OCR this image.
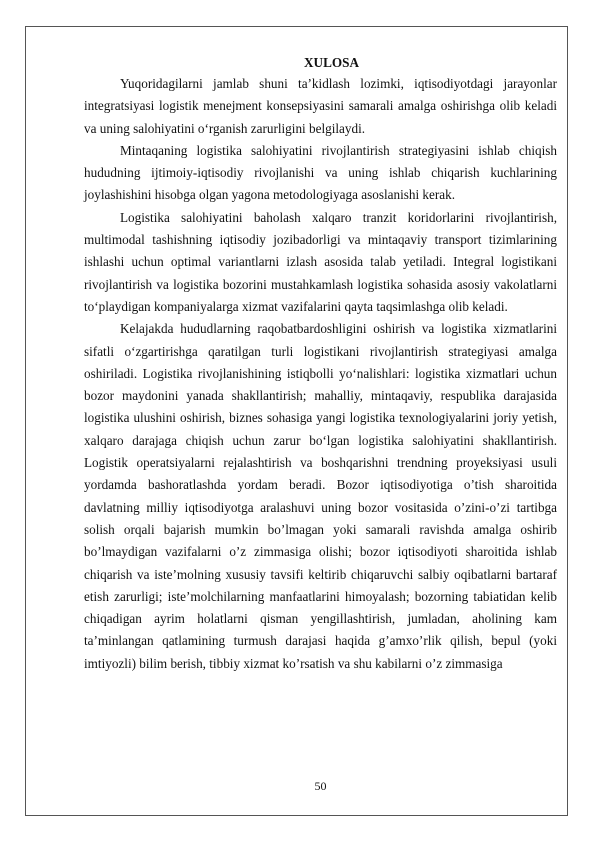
XULOSA

Yuqoridagilarni jamlab shuni ta’kidlash lozimki, iqtisodiyotdagi jarayonlar integratsiyasi logistik menejment konsepsiyasini samarali amalga oshirishga olib keladi va uning salohiyatini o‘rganish zarurligini belgilaydi.

Mintaqaning logistika salohiyatini rivojlantirish strategiyasini ishlab chiqish hududning ijtimoiy-iqtisodiy rivojlanishi va uning ishlab chiqarish kuchlarining joylashishini hisobga olgan yagona metodologiyaga asoslanishi kerak.

Logistika salohiyatini baholash xalqaro tranzit koridorlarini rivojlantirish, multimodal tashishning iqtisodiy jozibadorligi va mintaqaviy transport tizimlarining ishlashi uchun optimal variantlarni izlash asosida talab yetiladi. Integral logistikani rivojlantirish va logistika bozorini mustahkamlash logistika sohasida asosiy vakolatlarni to‘playdigan kompaniyalarga xizmat vazifalarini qayta taqsimlashga olib keladi.

Kelajakda hududlarning raqobatbardoshligini oshirish va logistika xizmatlarini sifatli o‘zgartirishga qaratilgan turli logistikani rivojlantirish strategiyasi amalga oshiriladi. Logistika rivojlanishining istiqbolli yo‘nalishlari: logistika xizmatlari uchun bozor maydonini yanada shakllantirish; mahalliy, mintaqaviy, respublika darajasida logistika ulushini oshirish, biznes sohasiga yangi logistika texnologiyalarini joriy yetish, xalqaro darajaga chiqish uchun zarur bo‘lgan logistika salohiyatini shakllantirish. Logistik operatsiyalarni rejalashtirish va boshqarishni trendning proyeksiyasi usuli yordamda bashoratlashda yordam beradi. Bozor iqtisodiyotiga o’tish sharoitida davlatning milliy iqtisodiyotga aralashuvi uning bozor vositasida o’zini-o’zi tartibga solish orqali bajarish mumkin bo’lmagan yoki samarali ravishda amalga oshirib bo’lmaydigan vazifalarni o’z zimmasiga olishi; bozor iqtisodiyoti sharoitida ishlab chiqarish va iste’molning xususiy tavsifi keltirib chiqaruvchi salbiy oqibatlarni bartaraf etish zarurligi; iste’molchilarning manfaatlarini himoyalash; bozorning tabiatidan kelib chiqadigan ayrim holatlarni qisman yengillashtirish, jumladan, aholining kam ta’minlangan qatlamining turmush darajasi haqida g’amxo’rlik qilish, bepul (yoki imtiyozli) bilim berish, tibbiy xizmat ko’rsatish va shu kabilarni o’z zimmasiga

50
